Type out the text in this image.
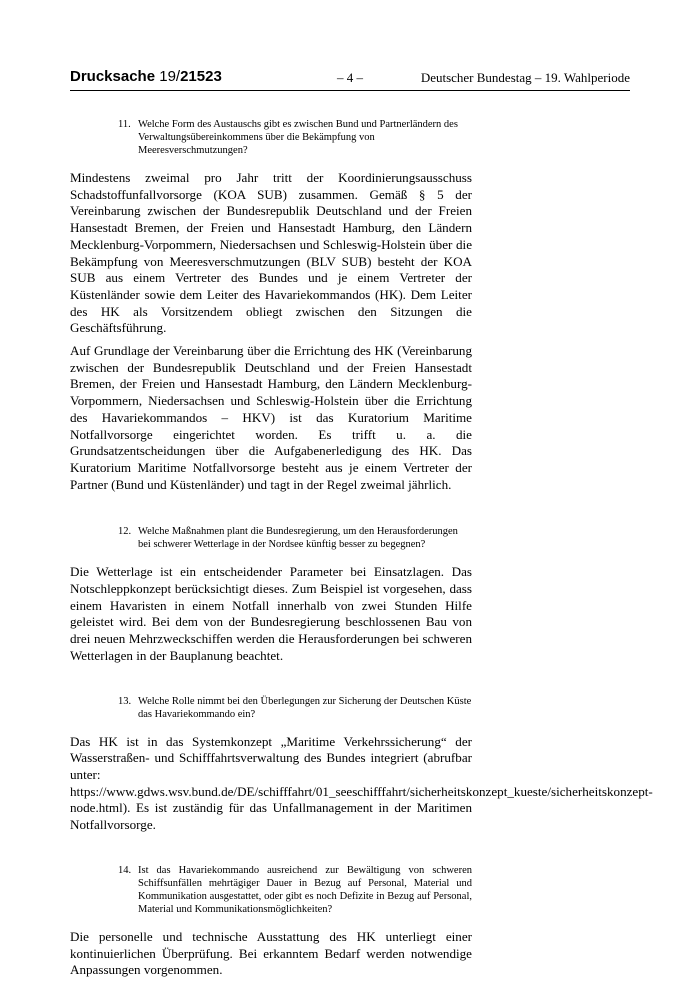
Drucksache 19/21523	– 4 –	Deutscher Bundestag – 19. Wahlperiode
11. Welche Form des Austauschs gibt es zwischen Bund und Partnerländern des Verwaltungsübereinkommens über die Bekämpfung von Meeresverschmutzungen?

Mindestens zweimal pro Jahr tritt der Koordinierungsausschuss Schadstoffunfallvorsorge (KOA SUB) zusammen. Gemäß § 5 der Vereinbarung zwischen der Bundesrepublik Deutschland und der Freien Hansestadt Bremen, der Freien und Hansestadt Hamburg, den Ländern Mecklenburg-Vorpommern, Niedersachsen und Schleswig-Holstein über die Bekämpfung von Meeresverschmutzungen (BLV SUB) besteht der KOA SUB aus einem Vertreter des Bundes und je einem Vertreter der Küstenländer sowie dem Leiter des Havariekommandos (HK). Dem Leiter des HK als Vorsitzendem obliegt zwischen den Sitzungen die Geschäftsführung.

Auf Grundlage der Vereinbarung über die Errichtung des HK (Vereinbarung zwischen der Bundesrepublik Deutschland und der Freien Hansestadt Bremen, der Freien und Hansestadt Hamburg, den Ländern Mecklenburg-Vorpommern, Niedersachsen und Schleswig-Holstein über die Errichtung des Havariekommandos – HKV) ist das Kuratorium Maritime Notfallvorsorge eingerichtet worden. Es trifft u. a. die Grundsatzentscheidungen über die Aufgabenerledigung des HK. Das Kuratorium Maritime Notfallvorsorge besteht aus je einem Vertreter der Partner (Bund und Küstenländer) und tagt in der Regel zweimal jährlich.

12. Welche Maßnahmen plant die Bundesregierung, um den Herausforderungen bei schwerer Wetterlage in der Nordsee künftig besser zu begegnen?

Die Wetterlage ist ein entscheidender Parameter bei Einsatzlagen. Das Notschleppkonzept berücksichtigt dieses. Zum Beispiel ist vorgesehen, dass einem Havaristen in einem Notfall innerhalb von zwei Stunden Hilfe geleistet wird. Bei dem von der Bundesregierung beschlossenen Bau von drei neuen Mehrzweckschiffen werden die Herausforderungen bei schweren Wetterlagen in der Bauplanung beachtet.

13. Welche Rolle nimmt bei den Überlegungen zur Sicherung der Deutschen Küste das Havariekommando ein?

Das HK ist in das Systemkonzept „Maritime Verkehrssicherung“ der Wasserstraßen- und Schifffahrtsverwaltung des Bundes integriert (abrufbar unter: https://www.gdws.wsv.bund.de/DE/schifffahrt/01_seeschifffahrt/sicherheitskonzept_kueste/sicherheitskonzept-node.html). Es ist zuständig für das Unfallmanagement in der Maritimen Notfallvorsorge.

14. Ist das Havariekommando ausreichend zur Bewältigung von schweren Schiffsunfällen mehrtägiger Dauer in Bezug auf Personal, Material und Kommunikation ausgestattet, oder gibt es noch Defizite in Bezug auf Personal, Material und Kommunikationsmöglichkeiten?

Die personelle und technische Ausstattung des HK unterliegt einer kontinuierlichen Überprüfung. Bei erkanntem Bedarf werden notwendige Anpassungen vorgenommen.
